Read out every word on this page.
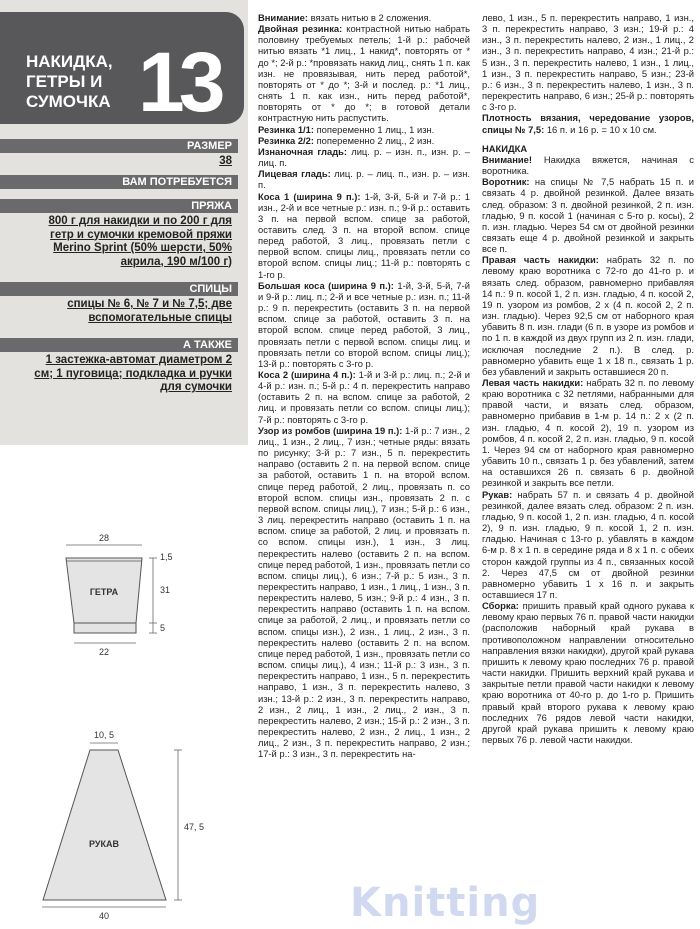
НАКИДКА, ГЕТРЫ И СУМОЧКА 13
РАЗМЕР
38
ВАМ ПОТРЕБУЕТСЯ
ПРЯЖА
800 г для накидки и по 200 г для гетр и сумочки кремовой пряжи Merino Sprint (50% шерсти, 50% акрила, 190 м/100 г)
СПИЦЫ
спицы № 6, № 7 и № 7,5; две вспомогательные спицы
А ТАКЖЕ
1 застежка-автомат диаметром 2 см; 1 пуговица; подкладка и ручки для сумочки
28
ГЕТРА
1,5
31
5
22
10, 5
РУКАВ
47, 5
40

Внимание: вязать нитью в 2 сложения.

Двойная резинка: контрастной нитью набрать половину требуемых петель; 1-й р.: рабочей нитью вязать *1 лиц., 1 накид*, повторять от * до *; 2-й р.: *провязать накид лиц., снять 1 п. как изн. не провязывая, нить перед работой*, повторять от * до *; 3-й и послед. р.: *1 лиц., снять 1 п. как изн., нить перед работой*, повторять от * до *; в готовой детали контрастную нить распустить.

Резинка 1/1: попеременно 1 лиц., 1 изн.

Резинка 2/2: попеременно 2 лиц., 2 изн.

Изнаночная гладь: лиц. р. – изн. п., изн. р. – лиц. п.

Лицевая гладь: лиц. р. – лиц. п., изн. р. – изн. п.

Коса 1 (ширина 9 п.): 1-й, 3-й, 5-й и 7-й р.: 1 изн., 2-й и все четные р.: изн. п.; 9-й р.: оставить 3 п. на первой вспом. спице за работой, оставить след. 3 п. на второй вспом. спице перед работой, 3 лиц., провязать петли с первой вспом. спицы лиц., провязать петли со второй вспом. спицы лиц.; 11-й р.: повторять с 1-го р.

Большая коса (ширина 9 п.): 1-й, 3-й, 5-й, 7-й и 9-й р.: лиц. п.; 2-й и все четные р.: изн. п.; 11-й р.: 9 п. перекрестить (оставить 3 п. на первой вспом. спице за работой, оставить 3 п. на второй вспом. спице перед работой, 3 лиц., провязать петли с первой вспом. спицы лиц. и провязать петли со второй вспом. спицы лиц.); 13-й р.: повторять с 3-го р.

Коса 2 (ширина 4 п.): 1-й и 3-й р.: лиц. п.; 2-й и 4-й р.: изн. п.; 5-й р.: 4 п. перекрестить направо (оставить 2 п. на вспом. спице за работой, 2 лиц. и провязать петли со вспом. спицы лиц.); 7-й р.: повторять с 3-го р.

Узор из ромбов (ширина 19 п.): 1-й р.: 7 изн., 2 лиц., 1 изн., 2 лиц., 7 изн.; четные ряды: вязать по рисунку; 3-й р.: 7 изн., 5 п. перекрестить направо (оставить 2 п. на первой вспом. спице за работой, оставить 1 п. на второй вспом. спице перед работой, 2 лиц., провязать п. со второй вспом. спицы изн., провязать 2 п. с первой вспом. спицы лиц.), 7 изн.; 5-й р.: 6 изн., 3 лиц. перекрестить направо (оставить 1 п. на вспом. спице за работой, 2 лиц. и провязать п. со вспом. спицы изн.), 1 изн., 3 лиц. перекрестить налево (оставить 2 п. на вспом. спице перед работой, 1 изн., провязать петли со вспом. спицы лиц.), 6 изн.; 7-й р.: 5 изн., 3 п. перекрестить направо, 1 изн., 1 лиц., 1 изн., 3 п. перекрестить налево, 5 изн.; 9-й р.: 4 изн., 3 п. перекрестить направо (оставить 1 п. на вспом. спице за работой, 2 лиц., и провязать петли со вспом. спицы изн.), 2 изн., 1 лиц., 2 изн., 3 п. перекрестить налево (оставить 2 п. на вспом. спице перед работой, 1 изн., провязать петли со вспом. спицы лиц.), 4 изн.; 11-й р.: 3 изн., 3 п. перекрестить направо, 1 изн., 5 п. перекрестить направо, 1 изн., 3 п. перекрестить налево, 3 изн.; 13-й р.: 2 изн., 3 п. перекрестить направо, 2 изн., 2 лиц., 1 изн., 2 лиц., 2 изн., 3 п. перекрестить налево, 2 изн.; 15-й р.: 2 изн., 3 п. перекрестить налево, 2 изн., 2 лиц., 1 изн., 2 лиц., 2 изн., 3 п. перекрестить направо, 2 изн.; 17-й р.: 3 изн., 3 п. перекрестить на-

лево, 1 изн., 5 п. перекрестить направо, 1 изн., 3 п. перекрестить направо, 3 изн.; 19-й р.: 4 изн., 3 п. перекрестить налево, 2 изн., 1 лиц., 2 изн., 3 п. перекрестить направо, 4 изн.; 21-й р.: 5 изн., 3 п. перекрестить налево, 1 изн., 1 лиц., 1 изн., 3 п. перекрестить направо, 5 изн.; 23-й р.: 6 изн., 3 п. перекрестить налево, 1 изн., 3 п. перекрестить направо, 6 изн.; 25-й р.: повторять с 3-го р.

Плотность вязания, чередование узоров, спицы № 7,5: 16 п. и 16 р. = 10 х 10 см.

НАКИДКА

Внимание! Накидка вяжется, начиная с воротника.

Воротник: на спицы № 7,5 набрать 15 п. и связать 4 р. двойной резинкой. Далее вязать след. образом: 3 п. двойной резинкой, 2 п. изн. гладью, 9 п. косой 1 (начиная с 5-го р. косы), 2 п. изн. гладью. Через 54 см от двойной резинки связать еще 4 р. двойной резинкой и закрыть все п.

Правая часть накидки: набрать 32 п. по левому краю воротника с 72-го до 41-го р. и вязать след. образом, равномерно прибавляя 14 п.: 9 п. косой 1, 2 п. изн. гладью, 4 п. косой 2, 19 п. узором из ромбов, 2 х (4 п. косой 2, 2 п. изн. гладью). Через 92,5 см от наборного края убавить 8 п. изн. глади (6 п. в узоре из ромбов и по 1 п. в каждой из двух групп из 2 п. изн. глади, исключая последние 2 п.). В след. р. равномерно убавить еще 1 х 18 п., связать 1 р. без убавлений и закрыть оставшиеся 20 п.

Левая часть накидки: набрать 32 п. по левому краю воротника с 32 петлями, набранными для правой части, и вязать след. образом, равномерно прибавив в 1-м р. 14 п.: 2 х (2 п. изн. гладью, 4 п. косой 2), 19 п. узором из ромбов, 4 п. косой 2, 2 п. изн. гладью, 9 п. косой 1. Через 94 см от наборного края равномерно убавить 10 п., связать 1 р. без убавлений, затем на оставшихся 26 п. связать 6 р. двойной резинкой и закрыть все петли.

Рукав: набрать 57 п. и связать 4 р. двойной резинкой, далее вязать след. образом: 2 п. изн. гладью, 9 п. косой 1, 2 п. изн. гладью, 4 п. косой 2), 9 п. изн. гладью, 9 п. косой 1, 2 п. изн. гладью. Начиная с 13-го р. убавлять в каждом 6-м р. 8 х 1 п. в середине ряда и 8 х 1 п. с обеих сторон каждой группы из 4 п., связанных косой 2. Через 47,5 см от двойной резинки равномерно убавить 1 х 16 п. и закрыть оставшиеся 17 п.

Сборка: пришить правый край одного рукава к левому краю первых 76 п. правой части накидки (расположив наборный край рукава в противоположном направлении относительно направления вязки накидки), другой край рукава пришить к левому краю последних 76 р. правой части накидки. Пришить верхний край рукава и закрытые петли правой части накидки к левому краю воротника от 40-го р. до 1-го р. Пришить правый край второго рукава к левому краю последних 76 рядов левой части накидки, другой край рукава пришить к левому краю первых 76 р. левой части накидки.

Knitting
